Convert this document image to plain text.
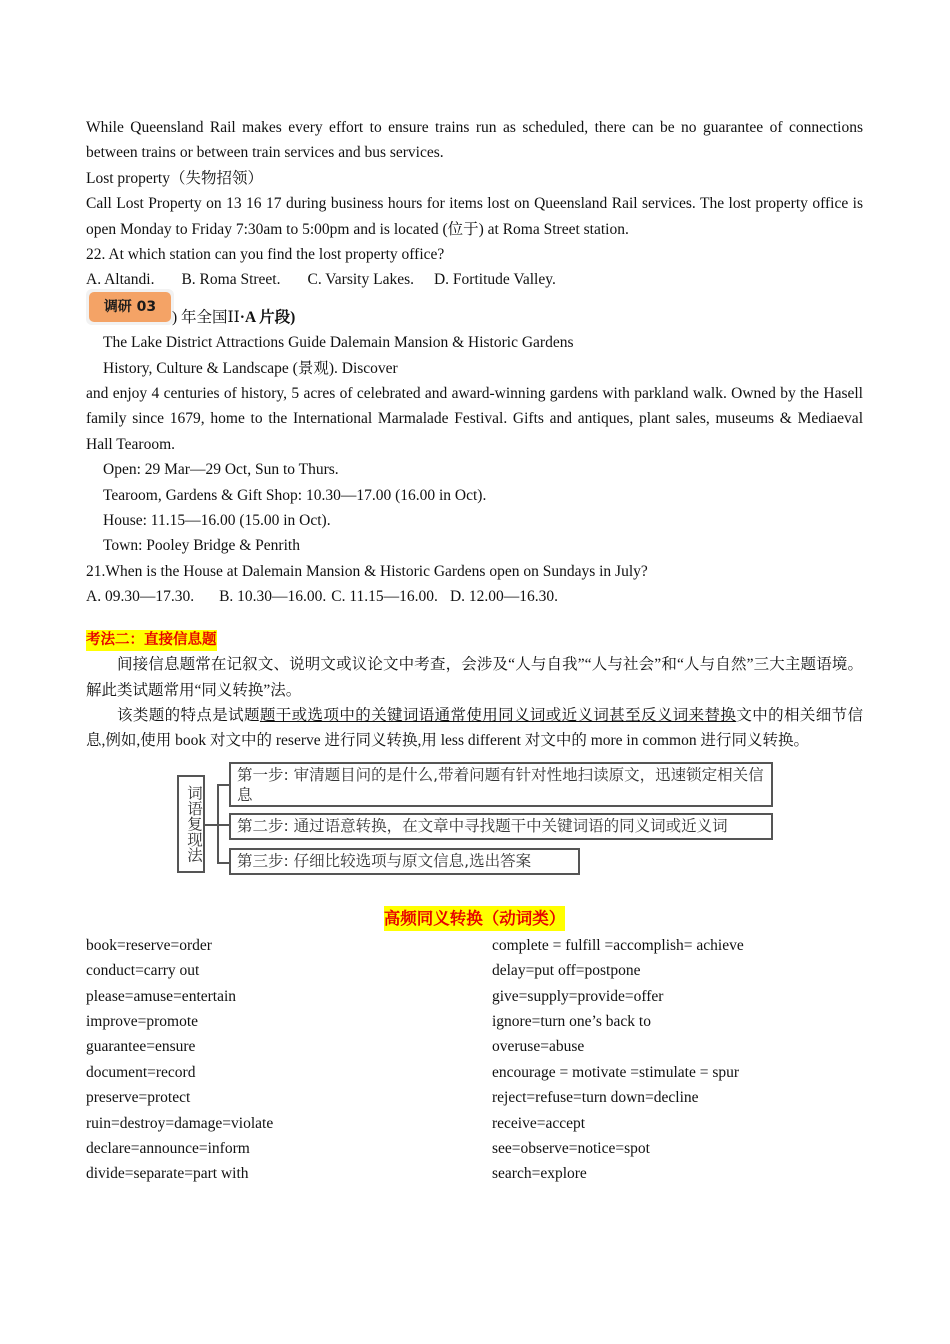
While Queensland Rail makes every effort to ensure trains run as scheduled, there can be no guarantee of connections between trains or between train services and bus services.

Lost property（失物招领）

Call Lost Property on 13 16 17 during business hours for items lost on Queensland Rail services. The lost property office is open Monday to Friday 7:30am to 5:00pm and is located (位于) at Roma Street station.

22. At which station can you find the lost property office?

A. Altandi. B. Roma Street. C. Varsity Lakes. D. Fortitude Valley.

调研 03
) 年全国ⅠⅠ·A 片段)

The Lake District Attractions Guide Dalemain Mansion & Historic Gardens

History, Culture & Landscape (景观). Discover

and enjoy 4 centuries of history, 5 acres of celebrated and award-winning gardens with parkland walk. Owned by the Hasell family since 1679, home to the International Marmalade Festival. Gifts and antiques, plant sales, museums & Mediaeval Hall Tearoom.

Open: 29 Mar—29 Oct, Sun to Thurs.

Tearoom, Gardens & Gift Shop: 10.30—17.00 (16.00 in Oct).

House: 11.15—16.00 (15.00 in Oct).

Town: Pooley Bridge & Penrith

21.When is the House at Dalemain Mansion & Historic Gardens open on Sundays in July?

A. 09.30—17.30. B. 10.30—16.00. C. 11.15—16.00. D. 12.00—16.30.

考法二：直接信息题

间接信息题常在记叙文、说明文或议论文中考查，会涉及“人与自我”“人与社会”和“人与自然”三大主题语境。解此类试题常用“同义转换”法。

该类题的特点是试题题干或选项中的关键词语通常使用同义词或近义词甚至反义词来替换文中的相关细节信息,例如,使用 book 对文中的 reserve 进行同义转换,用 less different 对文中的 more in common 进行同义转换。

词语复现法
第一步: 审清题目问的是什么,带着问题有针对性地扫读原文，迅速锁定相关信息
第二步: 通过语意转换，在文章中寻找题干中关键词语的同义词或近义词
第三步: 仔细比较选项与原文信息,选出答案
高频同义转换（动词类）
book=reserve=order	complete = fulfill =accomplish= achieve
conduct=carry out	delay=put off=postpone
please=amuse=entertain	give=supply=provide=offer
improve=promote	ignore=turn one’s back to
guarantee=ensure	overuse=abuse
document=record	encourage = motivate =stimulate = spur
preserve=protect	reject=refuse=turn down=decline
ruin=destroy=damage=violate	receive=accept
declare=announce=inform	see=observe=notice=spot
divide=separate=part with	search=explore
